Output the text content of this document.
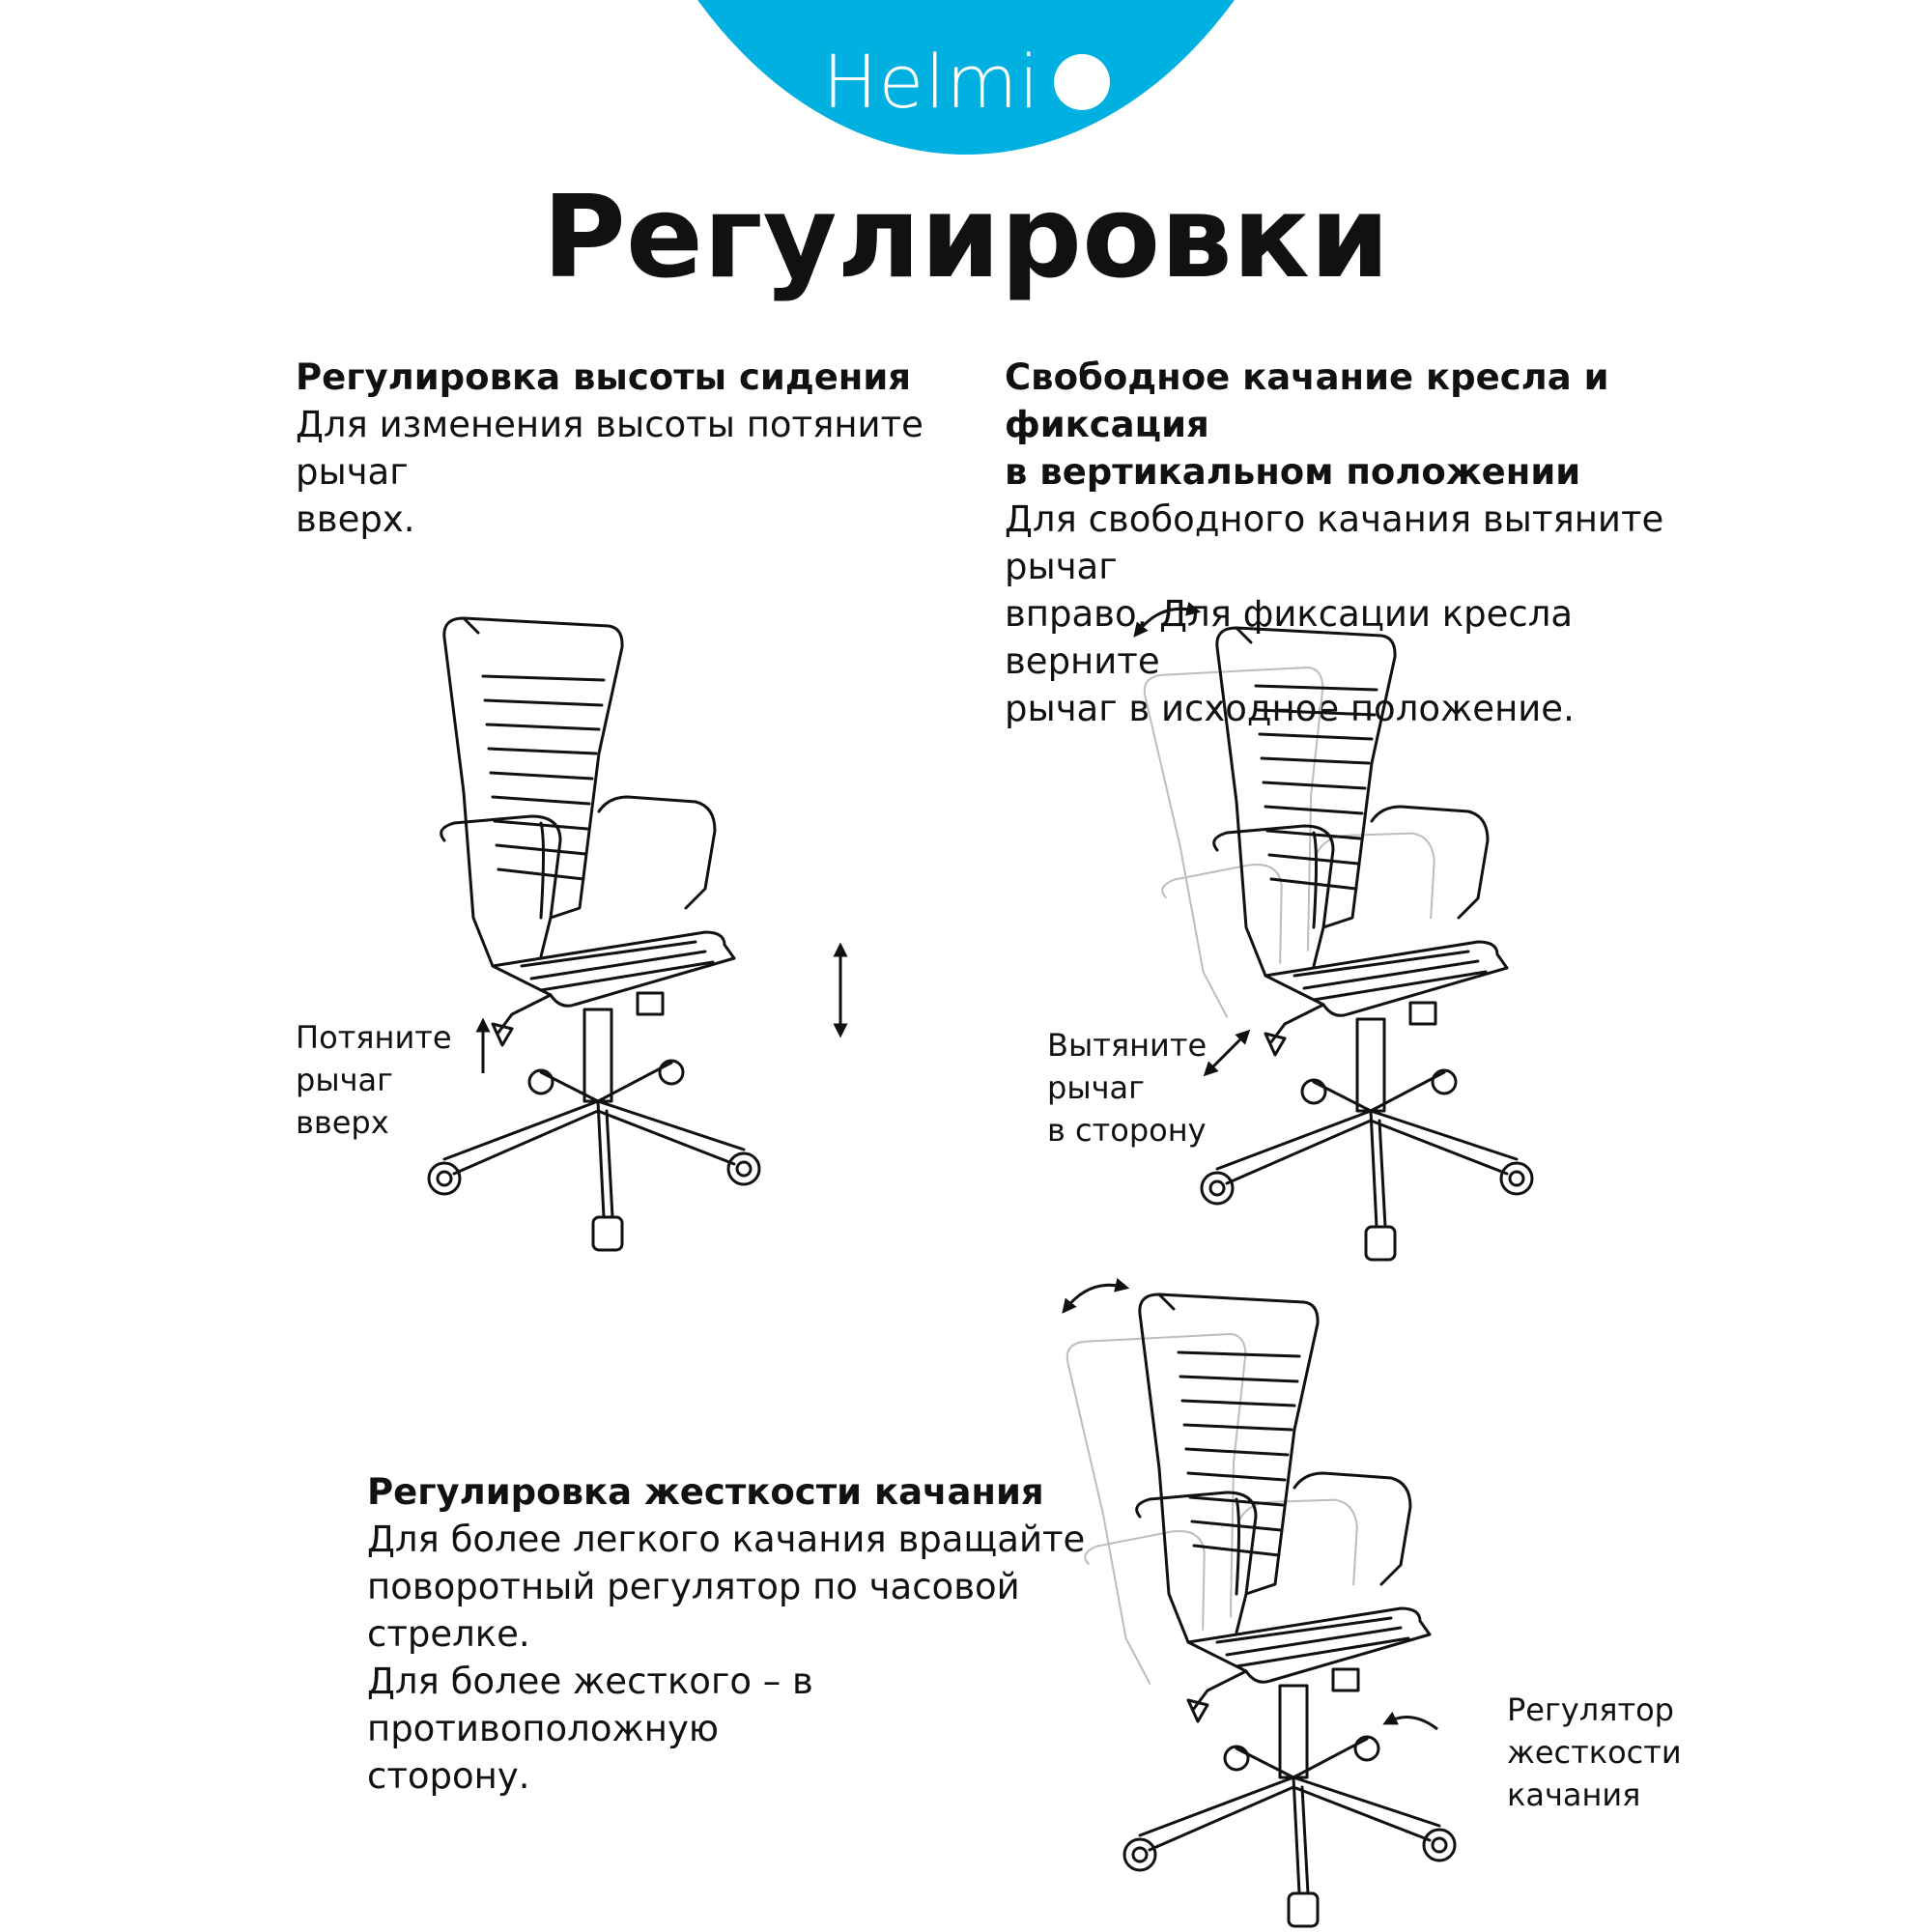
Helmi
Регулировки
Регулировка высоты сидения
Для изменения высоты потяните рычаг
вверх.
Свободное качание кресла и фиксация
в вертикальном положении
Для свободного качания вытяните рычаг
вправо. Для фиксации кресла верните
рычаг в исходное положение.
Регулировка жесткости качания
Для более легкого качания вращайте
поворотный регулятор по часовой стрелке.
Для более жесткого – в противоположную
сторону.
Потяните
рычаг
вверх
Вытяните
рычаг
в сторону
Регулятор
жесткости
качания
